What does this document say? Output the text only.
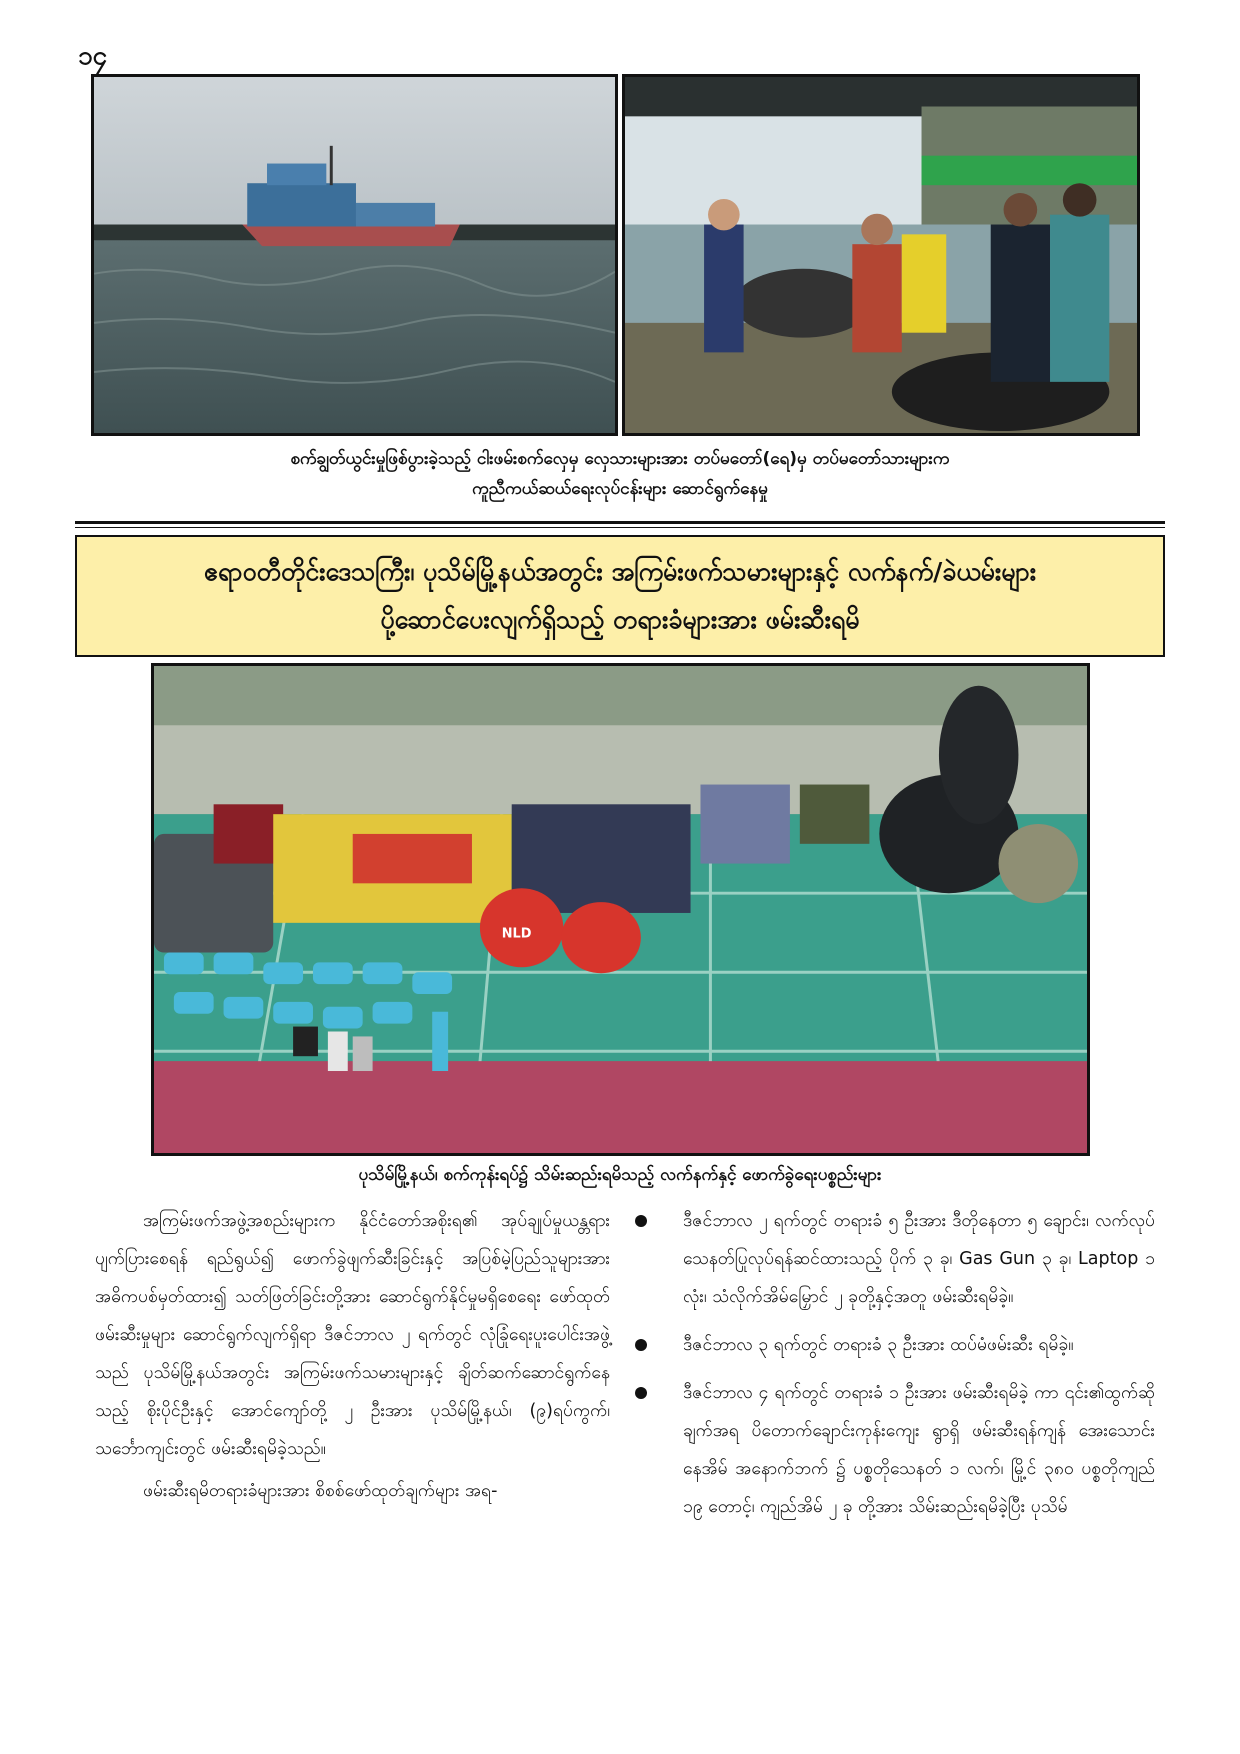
၁၄
စက်ချွတ်ယွင်းမှုဖြစ်ပွားခဲ့သည့် ငါးဖမ်းစက်လှေမှ လှေသားများအား တပ်မတော်(ရေ)မှ တပ်မတော်သားများက
ကူညီကယ်ဆယ်ရေးလုပ်ငန်းများ ဆောင်ရွက်နေမှု
ဧရာဝတီတိုင်းဒေသကြီး၊ ပုသိမ်မြို့နယ်အတွင်း အကြမ်းဖက်သမားများနှင့် လက်နက်/ခဲယမ်းများ
ပို့ဆောင်ပေးလျက်ရှိသည့် တရားခံများအား ဖမ်းဆီးရမိ
NLD
ပုသိမ်မြို့နယ်၊ စက်ကုန်းရပ်၌ သိမ်းဆည်းရမိသည့် လက်နက်နှင့် ဖောက်ခွဲရေးပစ္စည်းများ

အကြမ်းဖက်အဖွဲ့အစည်းများက နိုင်ငံတော်အစိုးရ၏ အုပ်ချုပ်မှုယန္တရား ပျက်ပြားစေရန် ရည်ရွယ်၍ ဖောက်ခွဲဖျက်ဆီးခြင်းနှင့် အပြစ်မဲ့ပြည်သူများအား အဓိကပစ်မှတ်ထား၍ သတ်ဖြတ်ခြင်းတို့အား ဆောင်ရွက်နိုင်မှုမရှိစေရေး ဖော်ထုတ် ဖမ်းဆီးမှုများ ဆောင်ရွက်လျက်ရှိရာ ဒီဇင်ဘာလ ၂ ရက်တွင် လုံခြုံရေးပူးပေါင်းအဖွဲ့သည် ပုသိမ်မြို့နယ်အတွင်း အကြမ်းဖက်သမားများနှင့် ချိတ်ဆက်ဆောင်ရွက်နေသည့် စိုးပိုင်ဦးနှင့် အောင်ကျော်တို့ ၂ ဦးအား ပုသိမ်မြို့နယ်၊ (၉)ရပ်ကွက်၊ သင်္ဘောကျင်းတွင် ဖမ်းဆီးရမိခဲ့သည်။

ဖမ်းဆီးရမိတရားခံများအား စိစစ်ဖော်ထုတ်ချက်များ အရ-

ဒီဇင်ဘာလ ၂ ရက်တွင် တရားခံ ၅ ဦးအား ဒီတိုနေတာ ၅ ချောင်း၊ လက်လုပ်သေနတ်ပြုလုပ်ရန်ဆင်ထားသည့် ပိုက် ၃ ခု၊ Gas Gun ၃ ခု၊ Laptop ၁ လုံး၊ သံလိုက်အိမ်မြှောင် ၂ ခုတို့နှင့်အတူ ဖမ်းဆီးရမိခဲ့။
ဒီဇင်ဘာလ ၃ ရက်တွင် တရားခံ ၃ ဦးအား ထပ်မံဖမ်းဆီး ရမိခဲ့။
ဒီဇင်ဘာလ ၄ ရက်တွင် တရားခံ ၁ ဦးအား ဖမ်းဆီးရမိခဲ့ ကာ ၎င်း၏ထွက်ဆိုချက်အရ ပိတောက်ချောင်းကုန်းကျေး ရွာရှိ ဖမ်းဆီးရန်ကျန် အေးသောင်း နေအိမ် အနောက်ဘက် ၌ ပစ္စတိုသေနတ် ၁ လက်၊ မြို့င် ၃၈၀ ပစ္စတိုကျည် ၁၉ တောင့်၊ ကျည်အိမ် ၂ ခု တို့အား သိမ်းဆည်းရမိခဲ့ပြီး ပုသိမ်
